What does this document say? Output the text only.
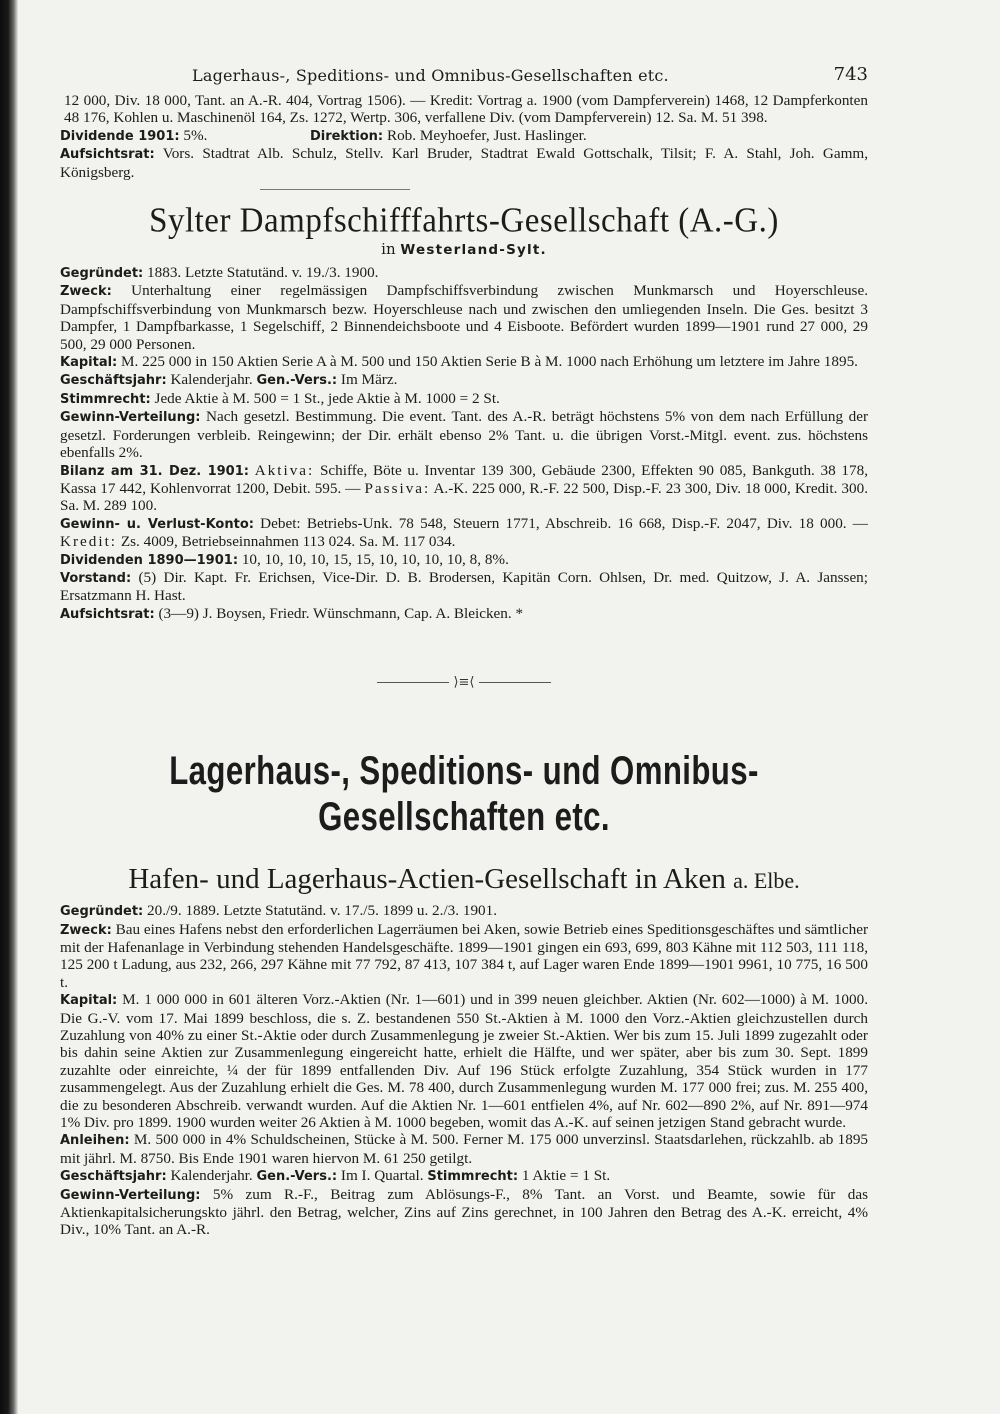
Lagerhaus-, Speditions- und Omnibus-Gesellschaften etc.	743

12 000, Div. 18 000, Tant. an A.-R. 404, Vortrag 1506). — Kredit: Vortrag a. 1900 (vom Dampferverein) 1468, 12 Dampferkonten 48 176, Kohlen u. Maschinenöl 164, Zs. 1272, Wertp. 306, verfallene Div. (vom Dampferverein) 12. Sa. M. 51 398.

Dividende 1901: 5%.	Direktion: Rob. Meyhoefer, Just. Haslinger.

Aufsichtsrat: Vors. Stadtrat Alb. Schulz, Stellv. Karl Bruder, Stadtrat Ewald Gottschalk, Tilsit; F. A. Stahl, Joh. Gamm, Königsberg.

Sylter Dampfschifffahrts-Gesellschaft (A.-G.)
in Westerland-Sylt.

Gegründet: 1883. Letzte Statutänd. v. 19./3. 1900.

Zweck: Unterhaltung einer regelmässigen Dampfschiffsverbindung zwischen Munkmarsch und Hoyerschleuse. Dampfschiffsverbindung von Munkmarsch bezw. Hoyerschleuse nach und zwischen den umliegenden Inseln. Die Ges. besitzt 3 Dampfer, 1 Dampfbarkasse, 1 Segelschiff, 2 Binnendeichsboote und 4 Eisboote. Befördert wurden 1899—1901 rund 27 000, 29 500, 29 000 Personen.

Kapital: M. 225 000 in 150 Aktien Serie A à M. 500 und 150 Aktien Serie B à M. 1000 nach Erhöhung um letztere im Jahre 1895.

Geschäftsjahr: Kalenderjahr. Gen.-Vers.: Im März.

Stimmrecht: Jede Aktie à M. 500 = 1 St., jede Aktie à M. 1000 = 2 St.

Gewinn-Verteilung: Nach gesetzl. Bestimmung. Die event. Tant. des A.-R. beträgt höchstens 5% von dem nach Erfüllung der gesetzl. Forderungen verbleib. Reingewinn; der Dir. erhält ebenso 2% Tant. u. die übrigen Vorst.-Mitgl. event. zus. höchstens ebenfalls 2%.

Bilanz am 31. Dez. 1901: Aktiva: Schiffe, Böte u. Inventar 139 300, Gebäude 2300, Effekten 90 085, Bankguth. 38 178, Kassa 17 442, Kohlenvorrat 1200, Debit. 595. — Passiva: A.-K. 225 000, R.-F. 22 500, Disp.-F. 23 300, Div. 18 000, Kredit. 300. Sa. M. 289 100.

Gewinn- u. Verlust-Konto: Debet: Betriebs-Unk. 78 548, Steuern 1771, Abschreib. 16 668, Disp.-F. 2047, Div. 18 000. — Kredit: Zs. 4009, Betriebseinnahmen 113 024. Sa. M. 117 034.

Dividenden 1890—1901: 10, 10, 10, 10, 15, 15, 10, 10, 10, 10, 8, 8%.

Vorstand: (5) Dir. Kapt. Fr. Erichsen, Vice-Dir. D. B. Brodersen, Kapitän Corn. Ohlsen, Dr. med. Quitzow, J. A. Janssen; Ersatzmann H. Hast.

Aufsichtsrat: (3—9) J. Boysen, Friedr. Wünschmann, Cap. A. Bleicken. *

⟩≡⟨
Lagerhaus-, Speditions- und Omnibus-Gesellschaften etc.
Hafen- und Lagerhaus-Actien-Gesellschaft in Aken a. Elbe.

Gegründet: 20./9. 1889. Letzte Statutänd. v. 17./5. 1899 u. 2./3. 1901.

Zweck: Bau eines Hafens nebst den erforderlichen Lagerräumen bei Aken, sowie Betrieb eines Speditionsgeschäftes und sämtlicher mit der Hafenanlage in Verbindung stehenden Handelsgeschäfte. 1899—1901 gingen ein 693, 699, 803 Kähne mit 112 503, 111 118, 125 200 t Ladung, aus 232, 266, 297 Kähne mit 77 792, 87 413, 107 384 t, auf Lager waren Ende 1899—1901 9961, 10 775, 16 500 t.

Kapital: M. 1 000 000 in 601 älteren Vorz.-Aktien (Nr. 1—601) und in 399 neuen gleichber. Aktien (Nr. 602—1000) à M. 1000. Die G.-V. vom 17. Mai 1899 beschloss, die s. Z. bestandenen 550 St.-Aktien à M. 1000 den Vorz.-Aktien gleichzustellen durch Zuzahlung von 40% zu einer St.-Aktie oder durch Zusammenlegung je zweier St.-Aktien. Wer bis zum 15. Juli 1899 zugezahlt oder bis dahin seine Aktien zur Zusammenlegung eingereicht hatte, erhielt die Hälfte, und wer später, aber bis zum 30. Sept. 1899 zuzahlte oder einreichte, ¼ der für 1899 entfallenden Div. Auf 196 Stück erfolgte Zuzahlung, 354 Stück wurden in 177 zusammengelegt. Aus der Zuzahlung erhielt die Ges. M. 78 400, durch Zusammenlegung wurden M. 177 000 frei; zus. M. 255 400, die zu besonderen Abschreib. verwandt wurden. Auf die Aktien Nr. 1—601 entfielen 4%, auf Nr. 602—890 2%, auf Nr. 891—974 1% Div. pro 1899. 1900 wurden weiter 26 Aktien à M. 1000 begeben, womit das A.-K. auf seinen jetzigen Stand gebracht wurde.

Anleihen: M. 500 000 in 4% Schuldscheinen, Stücke à M. 500. Ferner M. 175 000 unverzinsl. Staatsdarlehen, rückzahlb. ab 1895 mit jährl. M. 8750. Bis Ende 1901 waren hiervon M. 61 250 getilgt.

Geschäftsjahr: Kalenderjahr. Gen.-Vers.: Im I. Quartal. Stimmrecht: 1 Aktie = 1 St.

Gewinn-Verteilung: 5% zum R.-F., Beitrag zum Ablösungs-F., 8% Tant. an Vorst. und Beamte, sowie für das Aktienkapitalsicherungskto jährl. den Betrag, welcher, Zins auf Zins gerechnet, in 100 Jahren den Betrag des A.-K. erreicht, 4% Div., 10% Tant. an A.-R.
